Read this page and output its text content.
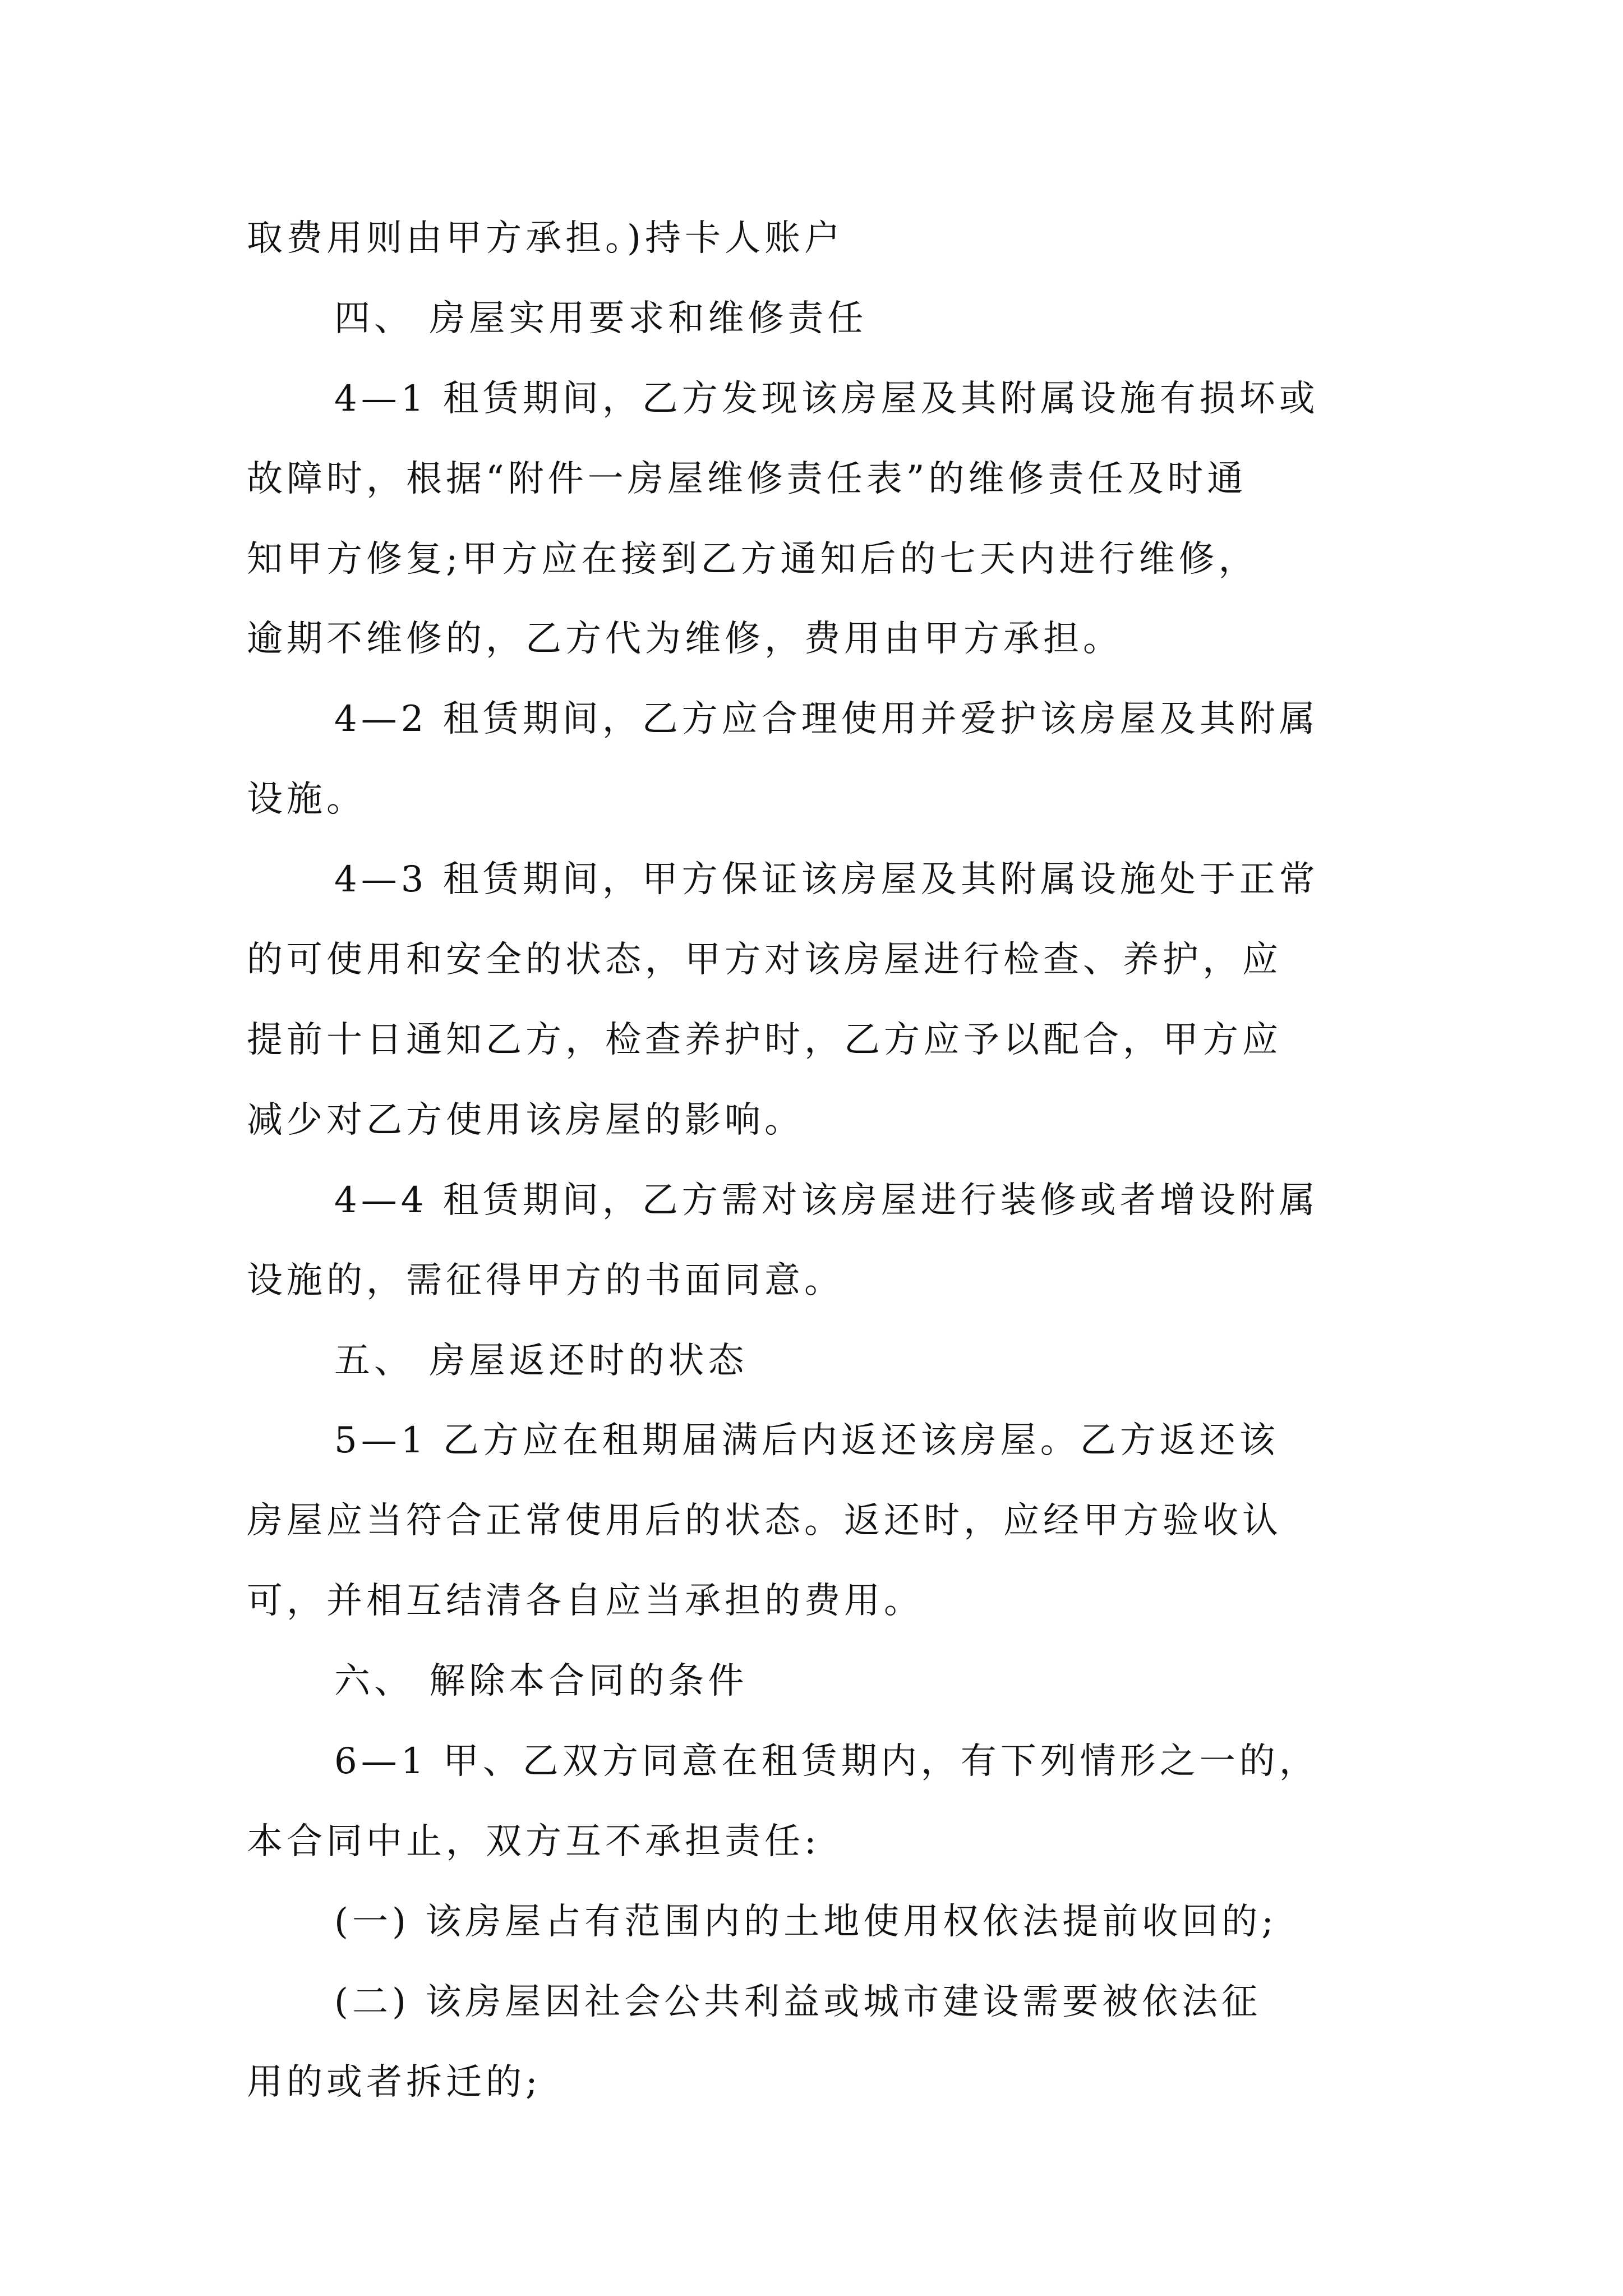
取费用则由甲方承担。)持卡人账户
四、 房屋实用要求和维修责任
4—1 租赁期间，乙方发现该房屋及其附属设施有损坏或
故障时，根据“附件一房屋维修责任表”的维修责任及时通
知甲方修复;甲方应在接到乙方通知后的七天内进行维修，
逾期不维修的，乙方代为维修，费用由甲方承担。
4—2 租赁期间，乙方应合理使用并爱护该房屋及其附属
设施。
4—3 租赁期间，甲方保证该房屋及其附属设施处于正常
的可使用和安全的状态，甲方对该房屋进行检查、养护，应
提前十日通知乙方，检查养护时，乙方应予以配合，甲方应
减少对乙方使用该房屋的影响。
4—4 租赁期间，乙方需对该房屋进行装修或者增设附属
设施的，需征得甲方的书面同意。
五、 房屋返还时的状态
5—1 乙方应在租期届满后内返还该房屋。乙方返还该
房屋应当符合正常使用后的状态。返还时，应经甲方验收认
可，并相互结清各自应当承担的费用。
六、 解除本合同的条件
6—1 甲、乙双方同意在租赁期内，有下列情形之一的，
本合同中止，双方互不承担责任:
(一) 该房屋占有范围内的土地使用权依法提前收回的;
(二) 该房屋因社会公共利益或城市建设需要被依法征
用的或者拆迁的;
